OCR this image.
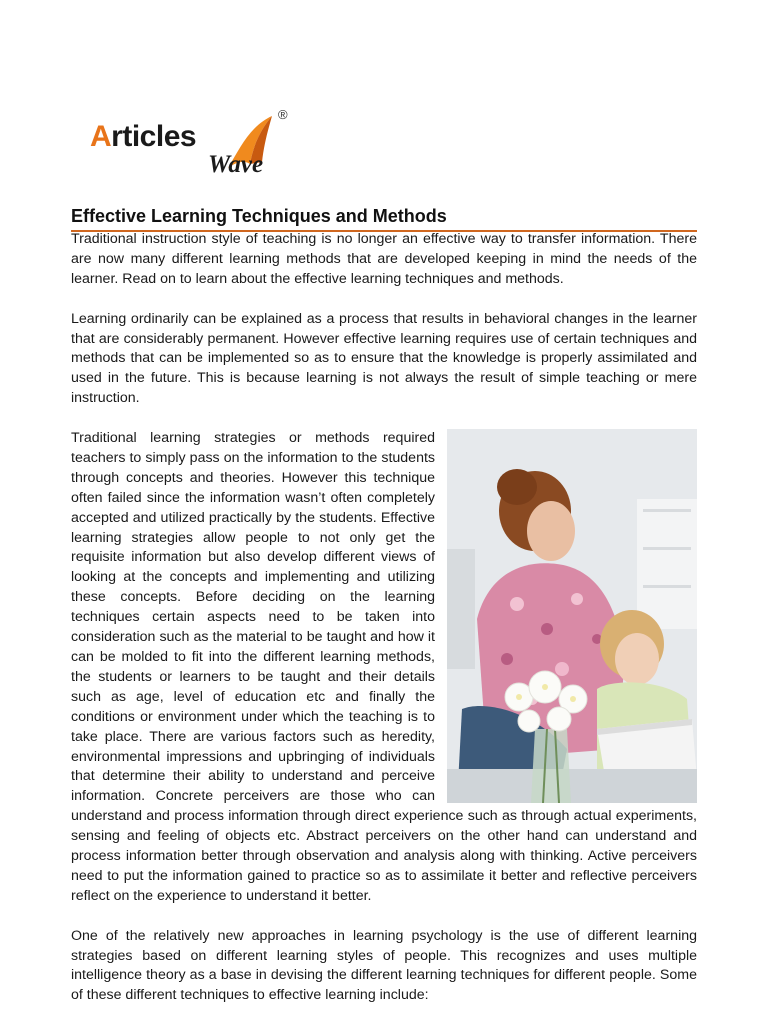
Articles
Wave
®
Effective Learning Techniques and Methods

Traditional instruction style of teaching is no longer an effective way to transfer information. There are now many different learning methods that are developed keeping in mind the needs of the learner. Read on to learn about the effective learning techniques and methods.

Learning ordinarily can be explained as a process that results in behavioral changes in the learner that are considerably permanent. However effective learning requires use of certain techniques and methods that can be implemented so as to ensure that the knowledge is properly assimilated and used in the future. This is because learning is not always the result of simple teaching or mere instruction.

Traditional learning strategies or methods required teachers to simply pass on the information to the students through concepts and theories. However this technique often failed since the information wasn’t often completely accepted and utilized practically by the students. Effective learning strategies allow people to not only get the requisite information but also develop different views of looking at the concepts and implementing and utilizing these concepts. Before deciding on the learning techniques certain aspects need to be taken into consideration such as the material to be taught and how it can be molded to fit into the different learning methods, the students or learners to be taught and their details such as age, level of education etc and finally the conditions or environment under which the teaching is to take place. There are various factors such as heredity, environmental impressions and upbringing of individuals that determine their ability to understand and perceive information. Concrete perceivers are those who can understand and process information through direct experience such as through actual experiments, sensing and feeling of objects etc. Abstract perceivers on the other hand can understand and process information better through observation and analysis along with thinking. Active perceivers need to put the information gained to practice so as to assimilate it better and reflective perceivers reflect on the experience to understand it better.

One of the relatively new approaches in learning psychology is the use of different learning strategies based on different learning styles of people. This recognizes and uses multiple intelligence theory as a base in devising the different learning techniques for different people. Some of these different techniques to effective learning include:
